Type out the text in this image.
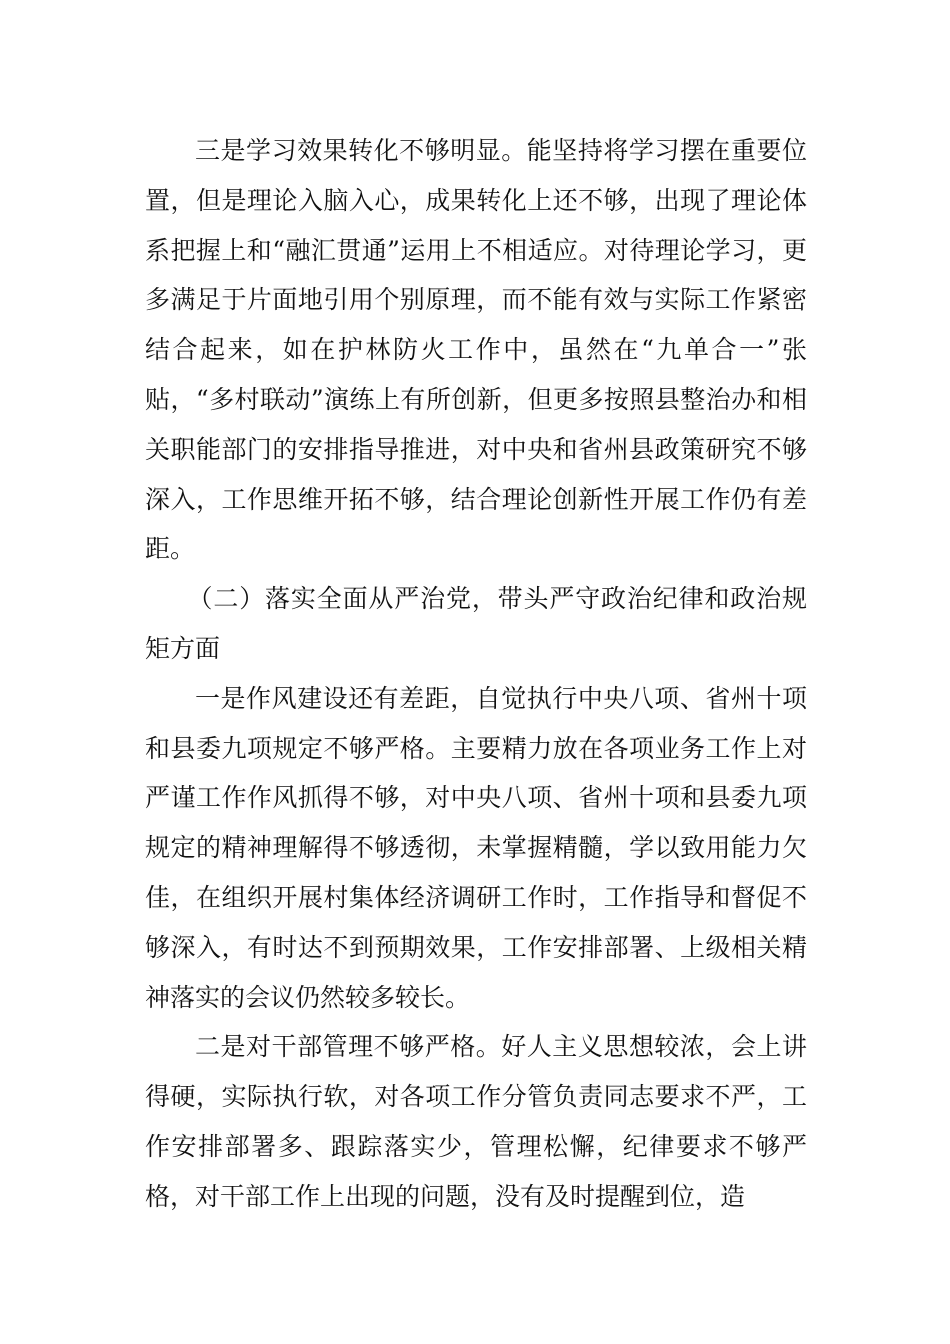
三是学习效果转化不够明显。能坚持将学习摆在重要位置，但是理论入脑入心，成果转化上还不够，出现了理论体系把握上和“融汇贯通”运用上不相适应。对待理论学习，更多满足于片面地引用个别原理，而不能有效与实际工作紧密结合起来，如在护林防火工作中，虽然在“九单合一”张贴，“多村联动”演练上有所创新，但更多按照县整治办和相关职能部门的安排指导推进，对中央和省州县政策研究不够深入，工作思维开拓不够，结合理论创新性开展工作仍有差距。

（二）落实全面从严治党，带头严守政治纪律和政治规矩方面

一是作风建设还有差距，自觉执行中央八项、省州十项和县委九项规定不够严格。主要精力放在各项业务工作上对严谨工作作风抓得不够，对中央八项、省州十项和县委九项规定的精神理解得不够透彻，未掌握精髓，学以致用能力欠佳，在组织开展村集体经济调研工作时，工作指导和督促不够深入，有时达不到预期效果，工作安排部署、上级相关精神落实的会议仍然较多较长。

二是对干部管理不够严格。好人主义思想较浓，会上讲得硬，实际执行软，对各项工作分管负责同志要求不严，工作安排部署多、跟踪落实少，管理松懈，纪律要求不够严格，对干部工作上出现的问题，没有及时提醒到位，造
